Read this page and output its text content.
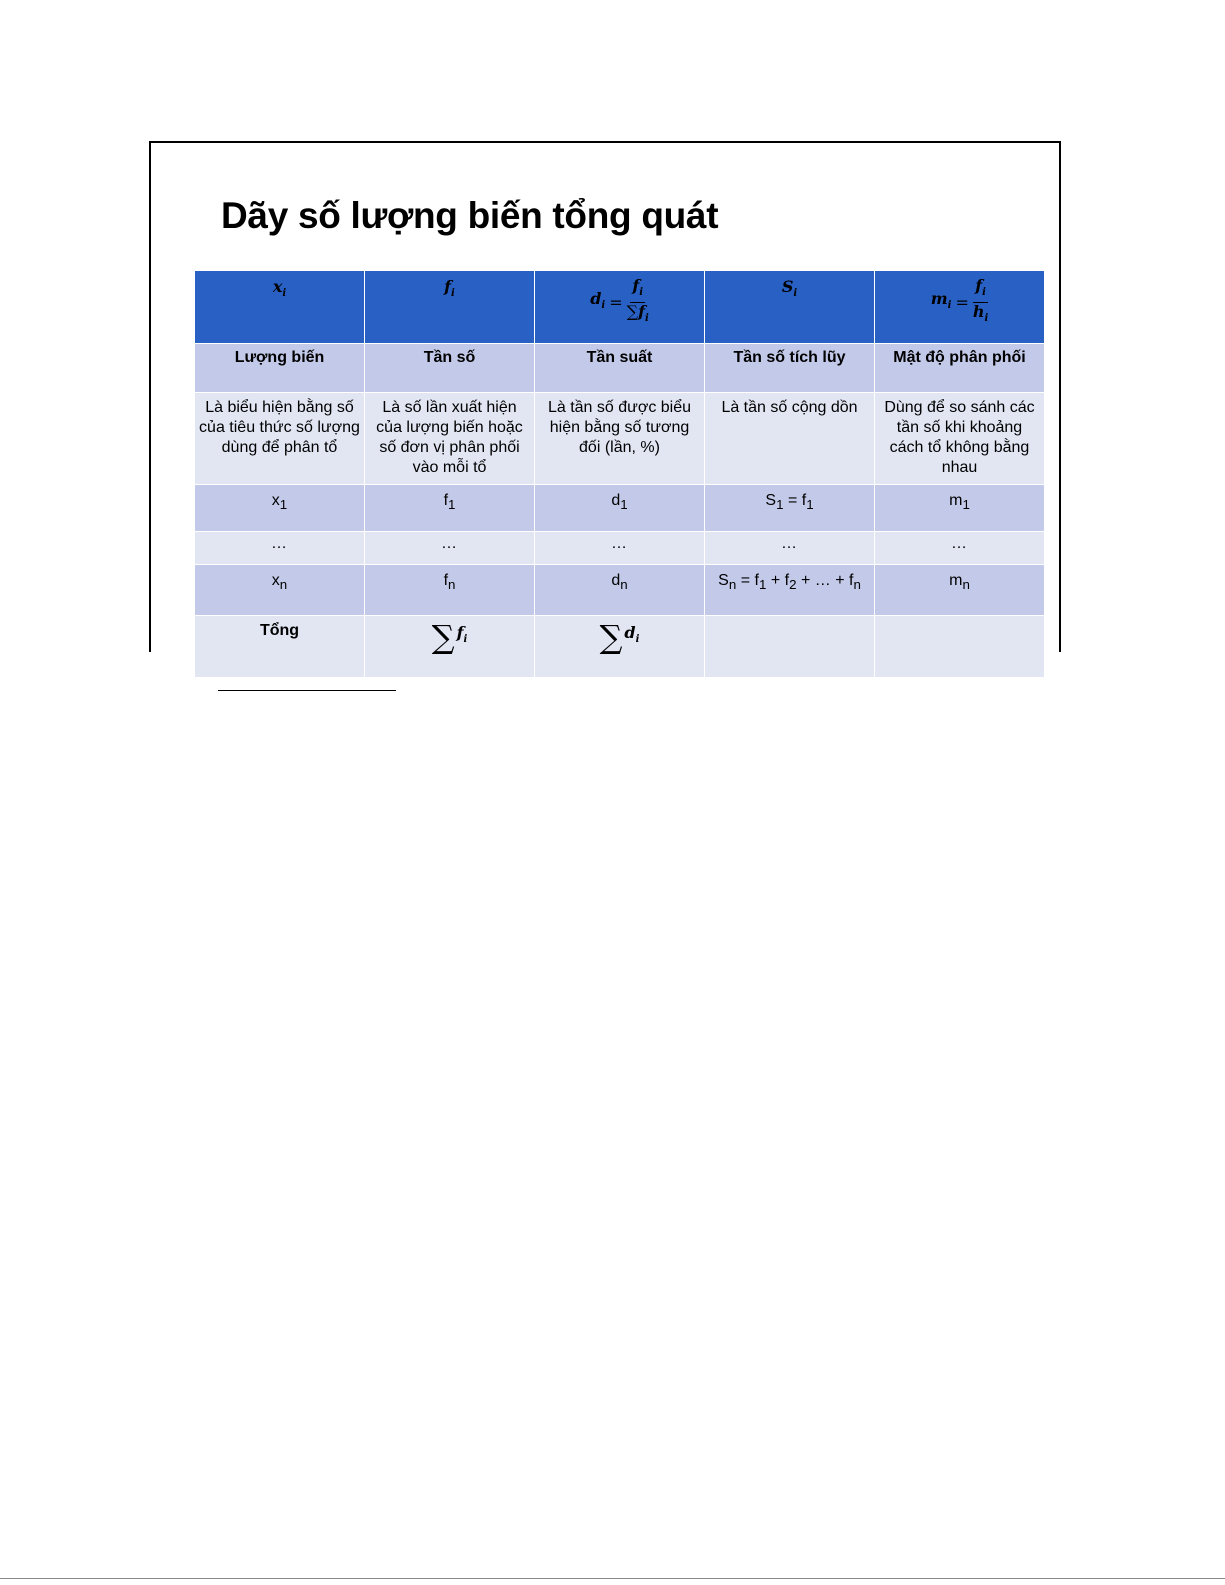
Dãy số lượng biến tổng quát
$x_i$	$f_i$	$d_i = \frac{f_i}{\sum f_i}$	$S_i$	$m_i = \frac{f_i}{h_i}$

Lượng biến	Tần số	Tần suất	Tần số tích lũy	Mật độ phân phối
Là biểu hiện bằng số của tiêu thức số lượng dùng để phân tổ	Là số lần xuất hiện của lượng biến hoặc số đơn vị phân phối vào mỗi tổ	Là tần số được biểu hiện bằng số tương đối (lần, %)	Là tần số cộng dồn	Dùng để so sánh các tần số khi khoảng cách tổ không bằng nhau
$x_1$	$f_1$	$d_1$	$S_1 = f_1$	$m_1$
…	…	…	…	…
$x_n$	$f_n$	$d_n$	$S_n = f_1 + f_2$ + … + $f_n$	$m_n$
Tổng	∑ $f_i$	∑ $d_i$
